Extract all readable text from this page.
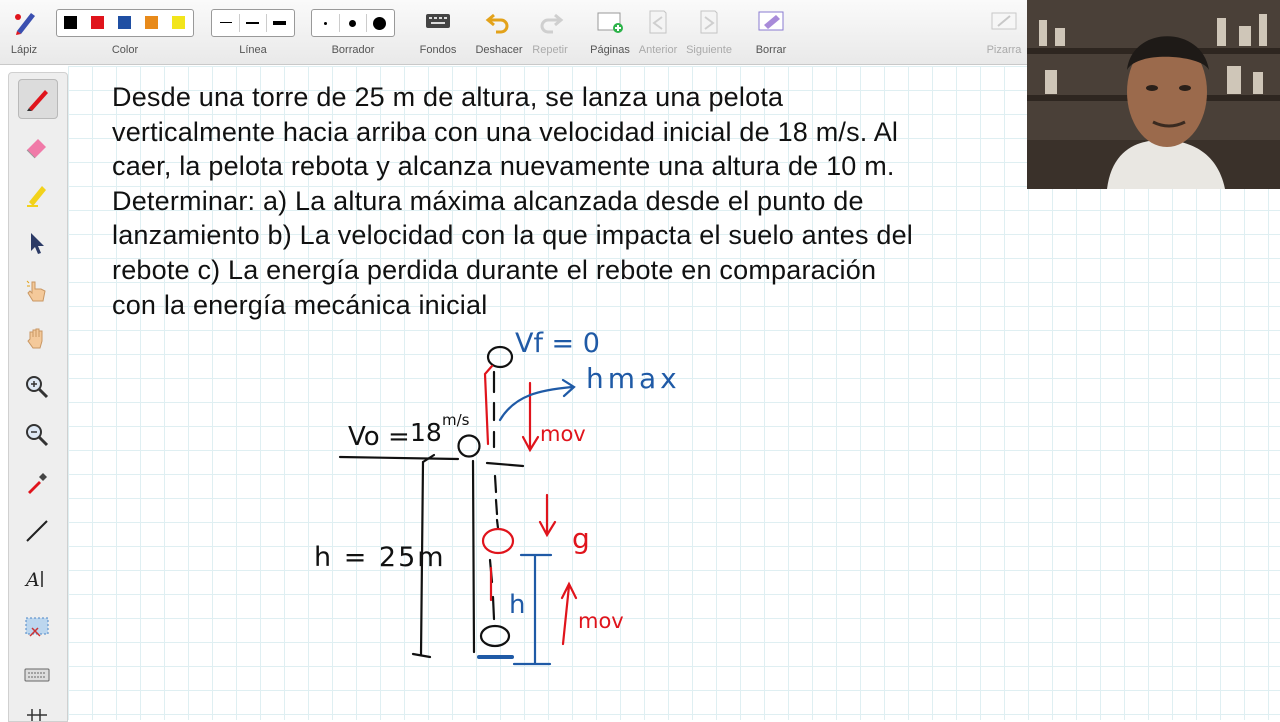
Lápiz	Color	Línea	Borrador	Fondos	Deshacer Repetir	Páginas Anterior Siguiente	Borrar	Pizarra
A
Desde una torre de 25 m de altura, se lanza una pelota
verticalmente hacia arriba con una velocidad inicial de 18 m/s. Al
caer, la pelota rebota y alcanza nuevamente una altura de 10 m.
Determinar: a) La altura máxima alcanzada desde el punto de
lanzamiento b) La velocidad con la que impacta el suelo antes del
rebote c) La energía perdida durante el rebote en comparación
con la energía mecánica inicial
Vf = 0
hmax
Vo = 18 m/s
mov
g
h = 25m
h
mov
